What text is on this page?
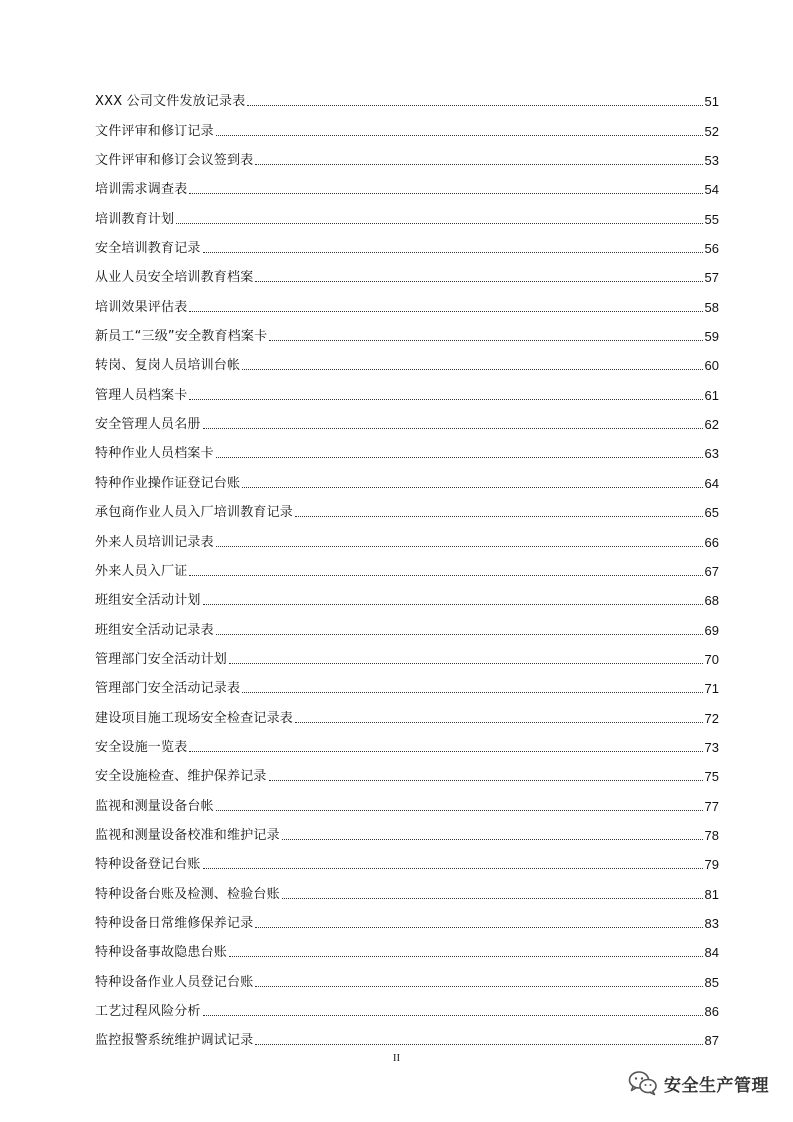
XXX 公司文件发放记录表	51
文件评审和修订记录	52
文件评审和修订会议签到表	53
培训需求调查表	54
培训教育计划	55
安全培训教育记录	56
从业人员安全培训教育档案	57
培训效果评估表	58
新员工“三级”安全教育档案卡	59
转岗、复岗人员培训台帐	60
管理人员档案卡	61
安全管理人员名册	62
特种作业人员档案卡	63
特种作业操作证登记台账	64
承包商作业人员入厂培训教育记录	65
外来人员培训记录表	66
外来人员入厂证	67
班组安全活动计划	68
班组安全活动记录表	69
管理部门安全活动计划	70
管理部门安全活动记录表	71
建设项目施工现场安全检查记录表	72
安全设施一览表	73
安全设施检查、维护保养记录	75
监视和测量设备台帐	77
监视和测量设备校准和维护记录	78
特种设备登记台账	79
特种设备台账及检测、检验台账	81
特种设备日常维修保养记录	83
特种设备事故隐患台账	84
特种设备作业人员登记台账	85
工艺过程风险分析	86
监控报警系统维护调试记录	87
II
安全生产管理
